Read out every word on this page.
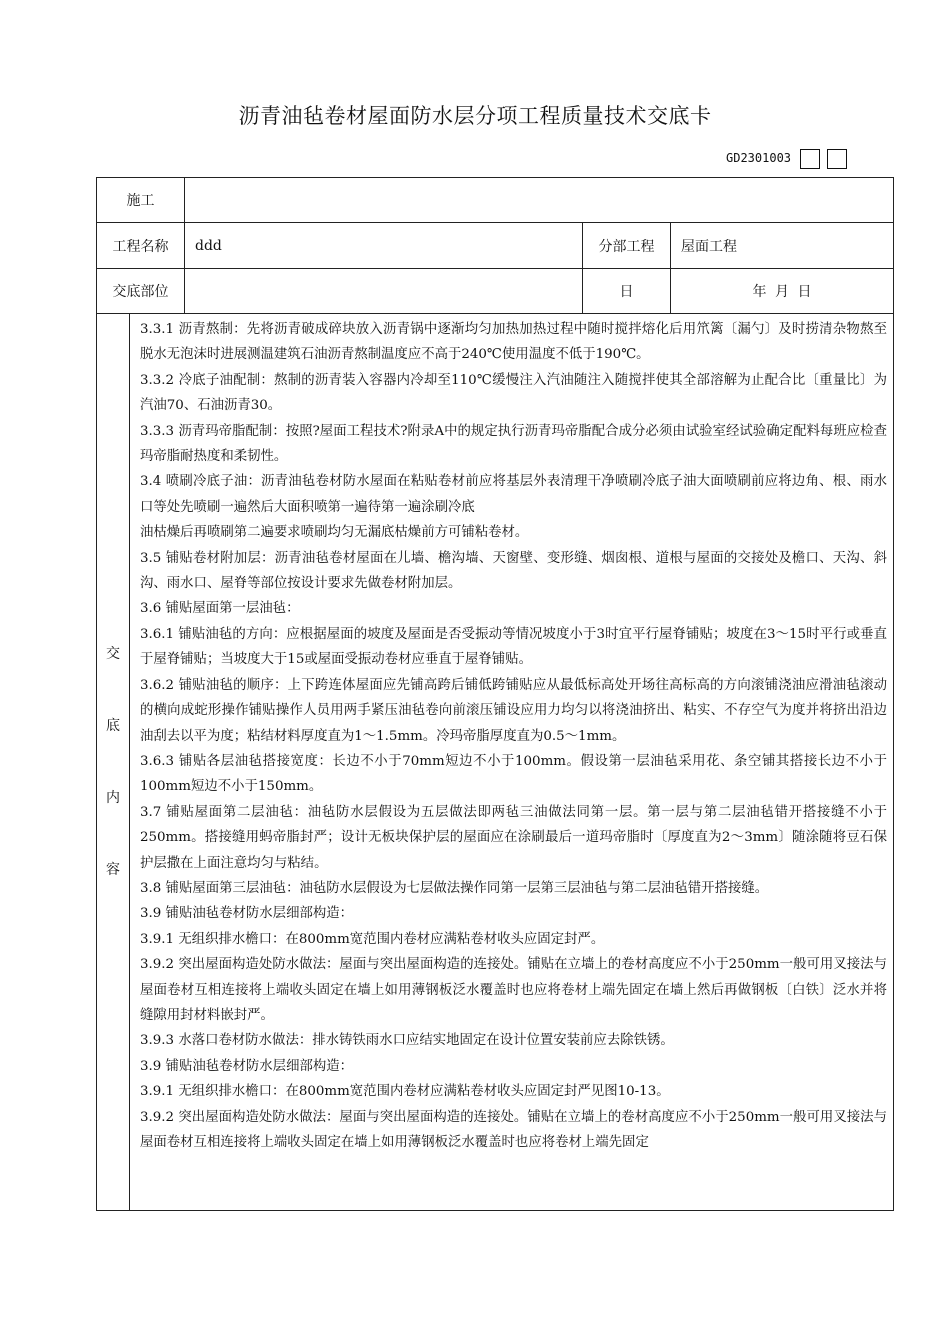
沥青油毡卷材屋面防水层分项工程质量技术交底卡
GD2301003
施工			
工程名称	ddd	分部工程	屋面工程
交底部位		日	年 月 日
交
底
内
容	

3.3.1 沥青熬制：先将沥青破成碎块放入沥青锅中逐渐均匀加热加热过程中随时搅拌熔化后用笊篱〔漏勺〕及时捞清杂物熬至脱水无泡沫时进展测温建筑石油沥青熬制温度应不高于240℃使用温度不低于190℃。

3.3.2 冷底子油配制：熬制的沥青装入容器内冷却至110℃缓慢注入汽油随注入随搅拌使其全部溶解为止配合比〔重量比〕为汽油70、石油沥青30。

3.3.3 沥青玛帝脂配制：按照?屋面工程技术?附录A中的规定执行沥青玛帝脂配合成分必须由试验室经试验确定配料每班应检查玛帝脂耐热度和柔韧性。

3.4 喷刷冷底子油：沥青油毡卷材防水屋面在粘贴卷材前应将基层外表清理干净喷刷冷底子油大面喷刷前应将边角、根、雨水口等处先喷刷一遍然后大面积喷第一遍待第一遍涂刷冷底

油枯燥后再喷刷第二遍要求喷刷均匀无漏底枯燥前方可铺粘卷材。

3.5 铺贴卷材附加层：沥青油毡卷材屋面在儿墙、檐沟墙、天窗壁、变形缝、烟囱根、道根与屋面的交接处及檐口、天沟、斜沟、雨水口、屋脊等部位按设计要求先做卷材附加层。

3.6 铺贴屋面第一层油毡：

3.6.1 铺贴油毡的方向：应根据屋面的坡度及屋面是否受振动等情况坡度小于3时宜平行屋脊铺贴；坡度在3～15时平行或垂直于屋脊铺贴；当坡度大于15或屋面受振动卷材应垂直于屋脊铺贴。

3.6.2 铺贴油毡的顺序：上下跨连体屋面应先铺高跨后铺低跨铺贴应从最低标高处开场往高标高的方向滚铺浇油应滑油毡滚动的横向成蛇形操作铺贴操作人员用两手紧压油毡卷向前滚压铺设应用力均匀以将浇油挤出、粘实、不存空气为度并将挤出沿边油刮去以平为度；粘结材料厚度直为1～1.5mm。冷玛帝脂厚度直为0.5～1mm。

3.6.3 铺贴各层油毡搭接宽度：长边不小于70mm短边不小于100mm。假设第一层油毡采用花、条空铺其搭接长边不小于100mm短边不小于150mm。

3.7 铺贴屋面第二层油毡：油毡防水层假设为五层做法即两毡三油做法同第一层。第一层与第二层油毡错开搭接缝不小于250mm。搭接缝用蚂帝脂封严；设计无板块保护层的屋面应在涂刷最后一道玛帝脂时〔厚度直为2～3mm〕随涂随将豆石保护层撒在上面注意均匀与粘结。

3.8 铺贴屋面第三层油毡：油毡防水层假设为七层做法操作同第一层第三层油毡与第二层油毡错开搭接缝。

3.9 铺贴油毡卷材防水层细部构造：

3.9.1 无组织排水檐口：在800mm宽范围内卷材应满粘卷材收头应固定封严。

3.9.2 突出屋面构造处防水做法：屋面与突出屋面构造的连接处。铺贴在立墙上的卷材高度应不小于250mm一般可用叉接法与屋面卷材互相连接将上端收头固定在墙上如用薄钢板泛水覆盖时也应将卷材上端先固定在墙上然后再做钢板〔白铁〕泛水并将缝隙用封材料嵌封严。

3.9.3 水落口卷材防水做法：排水铸铁雨水口应结实地固定在设计位置安装前应去除铁锈。

3.9 铺贴油毡卷材防水层细部构造：

3.9.1 无组织排水檐口：在800mm宽范围内卷材应满粘卷材收头应固定封严见图10-13。

3.9.2 突出屋面构造处防水做法：屋面与突出屋面构造的连接处。铺贴在立墙上的卷材高度应不小于250mm一般可用叉接法与屋面卷材互相连接将上端收头固定在墙上如用薄钢板泛水覆盖时也应将卷材上端先固定
